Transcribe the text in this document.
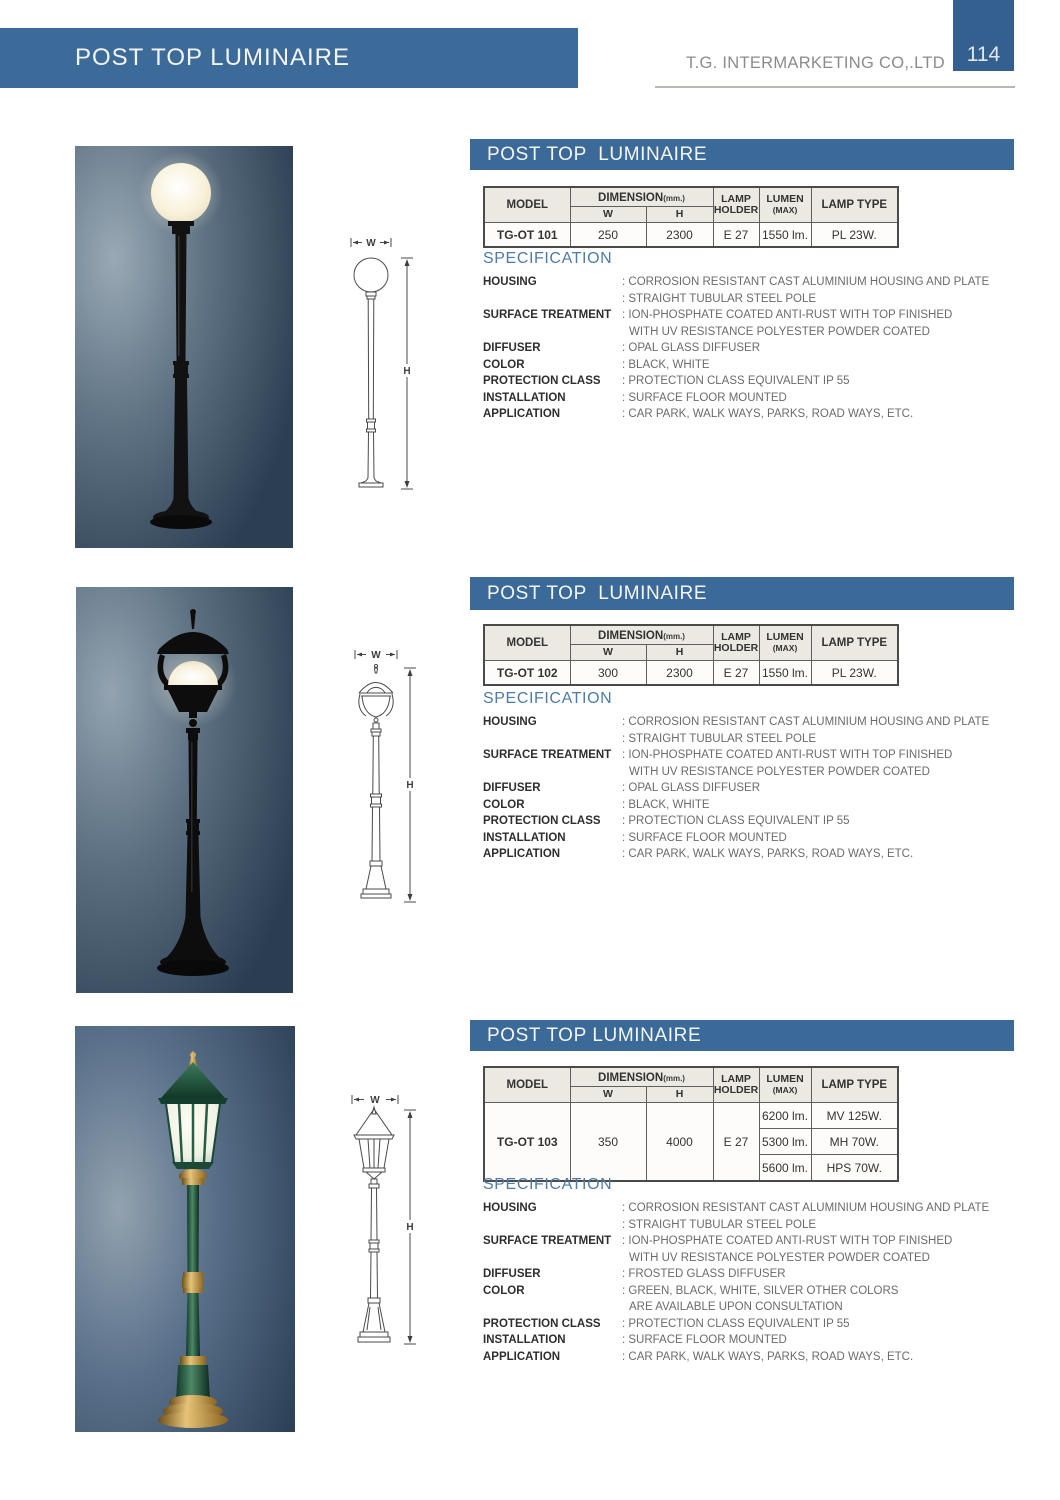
POST TOP LUMINAIRE	T.G. INTERMARKETING CO,.LTD 114
W
H
POST TOP  LUMINAIRE
MODEL	DIMENSION(mm.)		LAMP
HOLDER	LUMEN
(MAX)	LAMP TYPE
	W	H			
TG-OT 101	250	2300	E 27	1550 lm.	PL 23W.
SPECIFICATION
HOUSING	: CORROSION RESISTANT CAST ALUMINIUM HOUSING AND PLATE
: STRAIGHT TUBULAR STEEL POLE
SURFACE TREATMENT : ION-PHOSPHATE COATED ANTI-RUST WITH TOP FINISHED
WITH UV RESISTANCE POLYESTER POWDER COATED
DIFFUSER	: OPAL GLASS DIFFUSER
COLOR	: BLACK, WHITE
PROTECTION CLASS	: PROTECTION CLASS EQUIVALENT IP 55
INSTALLATION	: SURFACE FLOOR MOUNTED
APPLICATION	: CAR PARK, WALK WAYS, PARKS, ROAD WAYS, ETC.
W
H
POST TOP  LUMINAIRE
MODEL	DIMENSION(mm.)		LAMP
HOLDER	LUMEN
(MAX)	LAMP TYPE
	W	H			
TG-OT 102	300	2300	E 27	1550 lm.	PL 23W.
SPECIFICATION
HOUSING	: CORROSION RESISTANT CAST ALUMINIUM HOUSING AND PLATE
: STRAIGHT TUBULAR STEEL POLE
SURFACE TREATMENT : ION-PHOSPHATE COATED ANTI-RUST WITH TOP FINISHED
WITH UV RESISTANCE POLYESTER POWDER COATED
DIFFUSER	: OPAL GLASS DIFFUSER
COLOR	: BLACK, WHITE
PROTECTION CLASS	: PROTECTION CLASS EQUIVALENT IP 55
INSTALLATION	: SURFACE FLOOR MOUNTED
APPLICATION	: CAR PARK, WALK WAYS, PARKS, ROAD WAYS, ETC.
W
H
POST TOP LUMINAIRE
MODEL	DIMENSION(mm.)		LAMP
HOLDER	LUMEN
(MAX)	LAMP TYPE
	W	H			
TG-OT 103	350	4000	E 27	6200 lm.	MV 125W.
				5300 lm.	MH 70W.
				5600 lm.	HPS 70W.
SPECIFICATION
HOUSING	: CORROSION RESISTANT CAST ALUMINIUM HOUSING AND PLATE
: STRAIGHT TUBULAR STEEL POLE
SURFACE TREATMENT : ION-PHOSPHATE COATED ANTI-RUST WITH TOP FINISHED
WITH UV RESISTANCE POLYESTER POWDER COATED
DIFFUSER	: FROSTED GLASS DIFFUSER
COLOR	: GREEN, BLACK, WHITE, SILVER OTHER COLORS
ARE AVAILABLE UPON CONSULTATION
PROTECTION CLASS	: PROTECTION CLASS EQUIVALENT IP 55
INSTALLATION	: SURFACE FLOOR MOUNTED
APPLICATION	: CAR PARK, WALK WAYS, PARKS, ROAD WAYS, ETC.
